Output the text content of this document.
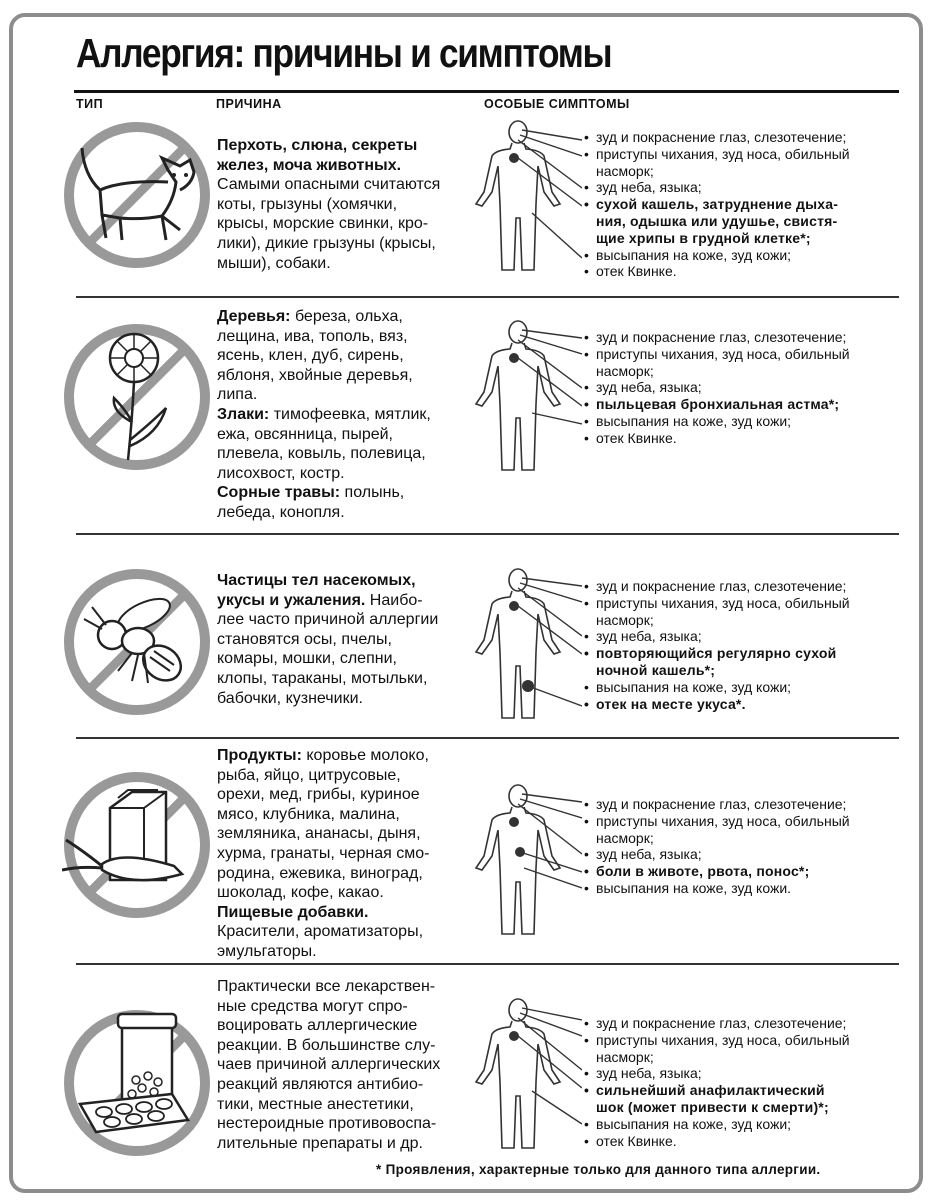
Аллергия: причины и симптомы
ТИП	ПРИЧИНА	ОСОБЫЕ СИМПТОМЫ

Перхоть, слюна, секреты

желез, моча животных.

Самыми опасными считаются

коты, грызуны (хомячки,

крысы, морские свинки, кро-

лики), дикие грызуны (крысы,

мыши), собаки.

• зуд и покраснение глаз, слезотечение;
• приступы чихания, зуд носа, обильный
насморк;
• зуд неба, языка;
• сухой кашель, затруднение дыха-
ния, одышка или удушье, свистя-
щие хрипы в грудной клетке*;
• высыпания на коже, зуд кожи;
• отек Квинке.

Деревья: береза, ольха,

лещина, ива, тополь, вяз,

ясень, клен, дуб, сирень,

яблоня, хвойные деревья,

липа.

Злаки: тимофеевка, мятлик,

ежа, овсянница, пырей,

плевела, ковыль, полевица,

лисохвост, костр.

Сорные травы: полынь,

лебеда, конопля.

• зуд и покраснение глаз, слезотечение;
• приступы чихания, зуд носа, обильный
насморк;
• зуд неба, языка;
• пыльцевая бронхиальная астма*;
• высыпания на коже, зуд кожи;
• отек Квинке.

Частицы тел насекомых,

укусы и ужаления. Наибо-

лее часто причиной аллергии

становятся осы, пчелы,

комары, мошки, слепни,

клопы, тараканы, мотыльки,

бабочки, кузнечики.

• зуд и покраснение глаз, слезотечение;
• приступы чихания, зуд носа, обильный
насморк;
• зуд неба, языка;
• повторяющийся регулярно сухой
ночной кашель*;
• высыпания на коже, зуд кожи;
• отек на месте укуса*.

Продукты: коровье молоко,

рыба, яйцо, цитрусовые,

орехи, мед, грибы, куриное

мясо, клубника, малина,

земляника, ананасы, дыня,

хурма, гранаты, черная смо-

родина, ежевика, виноград,

шоколад, кофе, какао.

Пищевые добавки.

Красители, ароматизаторы,

эмульгаторы.

• зуд и покраснение глаз, слезотечение;
• приступы чихания, зуд носа, обильный
насморк;
• зуд неба, языка;
• боли в животе, рвота, понос*;
• высыпания на коже, зуд кожи.

Практически все лекарствен-

ные средства могут спро-

воцировать аллергические

реакции. В большинстве слу-

чаев причиной аллергических

реакций являются антибио-

тики, местные анестетики,

нестероидные противовоспа-

лительные препараты и др.

• зуд и покраснение глаз, слезотечение;
• приступы чихания, зуд носа, обильный
насморк;
• зуд неба, языка;
• сильнейший анафилактический
шок (может привести к смерти)*;
• высыпания на коже, зуд кожи;
• отек Квинке.
* Проявления, характерные только для данного типа аллергии.
